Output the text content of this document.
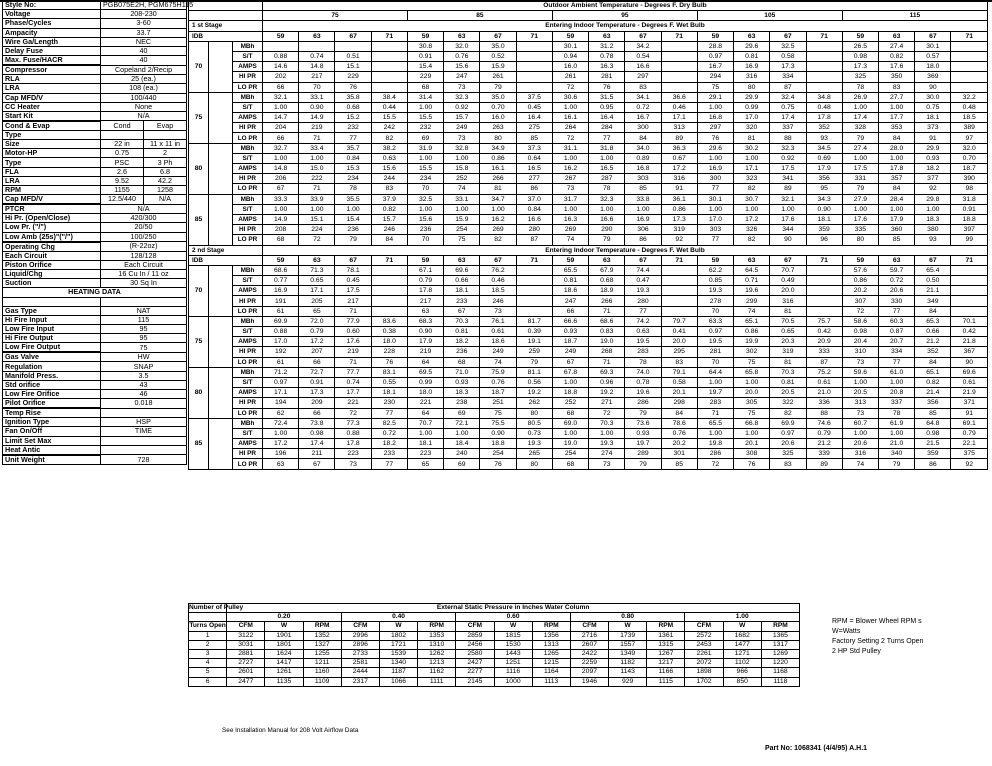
Style No:	PGB075E2H, PGM675H115	
Voltage	208-230	
Phase/Cycles	3-60	
Ampacity	33.7	
Wire Ga/Length	NEC	
Delay Fuse	40	
Max. Fuse/HACR	40	
Compressor	Copeland 2/Recip	
RLA	25 (ea.)	
LRA	108 (ea.)	
Cap MFD/V	100/440	
CC Heater	None	
Start Kit	N/A	
Cond & Evap	Cond	Evap
Type		
Size	22 in	11 x 11 in
Motor-HP	0.75	2
Type	PSC	3 Ph
FLA	2.6	6.8
LRA	9.52	42.2
RPM	1155	1258
Cap MFD/V	12.5/440	N/A
PTCR	N/A	
Hi Pr. (Open/Close)	420/300	
Low Pr. ("/")	20/50	
Low Amb (25s)"("/")	100/250	
Operating Chg	(R-22oz)	
Each Circuit	128/128	
Piston Orifice	Each Circuit	
Liquid/Chg	16 Cu In / 11 oz	
Suction	30 Sq In	
HEATING DATA		

Gas Type	NAT	
Hi Fire Input	115	
Low Fire Input	95	
Hi Fire Output	95	
Low Fire Output	75	
Gas Valve	HW	
Regulation	SNAP	
Manifold Press.	3.5	
Std orifice	43	
Low Fire Orifice	46	
Pilot Orifice	0.018	
Temp Rise		
Ignition Type	HSP	
Fan On/Off	TIME	
Limit Set Max		
Heat Antic		
Unit Weight	728	
			Outdoor Ambient Temperature - Degrees F. Dry Bulb																			
			75				85				95				105				115			
1 st Stage			Entering Indoor Temperature - Degrees F. Wet Bulb																			
IDB			59	63	67	71	59	63	67	71	59	63	67	71	59	63	67	71	59	63	67	71
70		MBh					30.8	32.0	35.0		30.1	31.2	34.2		28.8	29.6	32.5		26.5	27.4	30.1	
		S/T	0.88	0.74	0.51		0.91	0.76	0.52		0.94	0.78	0.54		0.97	0.81	0.58		0.98	0.82	0.57	
		AMPS	14.6	14.8	15.1		15.4	15.6	15.9		16.0	16.3	16.6		16.7	16.9	17.3		17.3	17.6	18.0	
		HI PR	202	217	229		229	247	261		261	281	297		294	316	334		325	350	369	
		LO PR	66	70	76		68	73	79		72	76	83		75	80	87		78	83	90	
75		MBh	32.1	33.1	35.8	38.4	31.4	32.3	35.0	37.5	30.6	31.5	34.1	36.6	29.1	29.9	32.4	34.8	26.9	27.7	30.0	32.2
		S/T	1.00	0.90	0.68	0.44	1.00	0.92	0.70	0.45	1.00	0.95	0.72	0.46	1.00	0.99	0.75	0.48	1.00	1.00	0.75	0.48
		AMPS	14.7	14.9	15.2	15.5	15.5	15.7	16.0	16.4	16.1	16.4	16.7	17.1	16.8	17.0	17.4	17.8	17.4	17.7	18.1	18.5
		HI PR	204	219	232	242	232	249	263	275	264	284	300	313	297	320	337	352	328	353	373	389
		LO PR	66	71	77	82	69	73	80	85	72	77	84	89	76	81	88	93	79	84	91	97
80		MBh	32.7	33.4	35.7	38.2	31.9	32.8	34.9	37.3	31.1	31.8	34.0	36.3	29.6	30.2	32.3	34.5	27.4	28.0	29.9	32.0
		S/T	1.00	1.00	0.84	0.63	1.00	1.00	0.86	0.64	1.00	1.00	0.89	0.67	1.00	1.00	0.92	0.69	1.00	1.00	0.93	0.70
		AMPS	14.8	15.0	15.3	15.6	15.5	15.8	16.1	16.5	16.2	16.5	16.8	17.2	16.9	17.1	17.5	17.9	17.5	17.8	18.2	18.7
		HI PR	206	222	234	244	234	252	266	277	267	287	303	316	300	323	341	356	331	357	377	390
		LO PR	67	71	78	83	70	74	81	86	73	78	85	91	77	82	89	95	79	84	92	98
85		MBh	33.3	33.9	35.5	37.9	32.5	33.1	34.7	37.0	31.7	32.3	33.8	36.1	30.1	30.7	32.1	34.3	27.9	28.4	29.8	31.8
		S/T	1.00	1.00	1.00	0.82	1.00	1.00	1.00	0.84	1.00	1.00	1.00	0.86	1.00	1.00	1.00	0.90	1.00	1.00	1.00	0.91
		AMPS	14.9	15.1	15.4	15.7	15.6	15.9	16.2	16.6	16.3	16.6	16.9	17.3	17.0	17.2	17.6	18.1	17.6	17.9	18.3	18.8
		HI PR	208	224	236	246	236	254	269	280	269	290	306	319	303	326	344	359	335	360	380	397
		LO PR	68	72	79	84	70	75	82	87	74	79	86	92	77	82	90	96	80	85	93	99
2 nd Stage			Entering Indoor Temperature - Degrees F. Wet Bulb																			
IDB			59	63	67	71	59	63	67	71	59	63	67	71	59	63	67	71	59	63	67	71
70		MBh	68.6	71.3	78.1		67.1	69.6	76.2		65.5	67.9	74.4		62.2	64.5	70.7		57.6	59.7	65.4	
		S/T	0.77	0.65	0.45		0.79	0.66	0.46		0.81	0.68	0.47		0.85	0.71	0.49		0.86	0.72	0.50	
		AMPS	16.9	17.1	17.5		17.8	18.1	18.5		18.6	18.9	19.3		19.3	19.6	20.0		20.2	20.6	21.1	
		HI PR	191	205	217		217	233	246		247	266	280		278	299	316		307	330	349	
		LO PR	61	65	71		63	67	73		66	71	77		70	74	81		72	77	84	
75		MBh	69.9	72.0	77.9	83.6	68.3	70.3	76.1	81.7	66.6	68.6	74.2	79.7	63.3	65.1	70.5	75.7	58.6	60.3	65.3	70.1
		S/T	0.88	0.79	0.60	0.38	0.90	0.81	0.61	0.39	0.93	0.83	0.63	0.41	0.97	0.86	0.65	0.42	0.98	0.87	0.66	0.42
		AMPS	17.0	17.2	17.6	18.0	17.9	18.2	18.6	19.1	18.7	19.0	19.5	20.0	19.5	19.9	20.3	20.9	20.4	20.7	21.2	21.8
		HI PR	192	207	219	228	219	236	249	259	249	268	283	295	281	302	319	333	310	334	352	367
		LO PR	61	66	71	76	64	68	74	79	67	71	78	83	70	75	81	87	73	77	84	90
80		MBh	71.2	72.7	77.7	83.1	69.5	71.0	75.9	81.1	67.8	69.3	74.0	79.1	64.4	65.8	70.3	75.2	59.6	61.0	65.1	69.6
		S/T	0.97	0.91	0.74	0.55	0.99	0.93	0.76	0.56	1.00	0.96	0.78	0.58	1.00	1.00	0.81	0.61	1.00	1.00	0.82	0.61
		AMPS	17.1	17.3	17.7	18.1	18.0	18.3	18.7	19.2	18.8	19.2	19.6	20.1	19.7	20.0	20.5	21.0	20.5	20.8	21.4	21.9
		HI PR	194	209	221	230	221	238	251	262	252	271	286	298	283	305	322	336	313	337	356	371
		LO PR	62	66	72	77	64	69	75	80	68	72	79	84	71	75	82	88	73	78	85	91
85		MBh	72.4	73.8	77.3	82.5	70.7	72.1	75.5	80.5	69.0	70.3	73.6	78.6	65.5	66.8	69.9	74.6	60.7	61.9	64.8	69.1
		S/T	1.00	0.98	0.88	0.72	1.00	1.00	0.90	0.73	1.00	1.00	0.93	0.76	1.00	1.00	0.97	0.79	1.00	1.00	0.98	0.79
		AMPS	17.2	17.4	17.8	18.2	18.1	18.4	18.8	19.3	19.0	19.3	19.7	20.2	19.8	20.1	20.6	21.2	20.6	21.0	21.5	22.1
		HI PR	196	211	223	233	223	240	254	265	254	274	289	301	286	308	325	339	316	340	359	375
		LO PR	63	67	73	77	65	69	76	80	68	73	79	85	72	76	83	89	74	79	86	92
Number of Pulley	External Static Pressure in Inches Water Column														
	0.20			0.40			0.60			0.80			1.00		
Turns Open	CFM	W	RPM	CFM	W	RPM	CFM	W	RPM	CFM	W	RPM	CFM	W	RPM
1	3122	1901	1352	2996	1802	1353	2859	1815	1356	2716	1739	1361	2572	1682	1365
2	3031	1801	1327	2896	1721	1310	2456	1530	1313	2607	1557	1315	2453	1477	1317
3	2881	1624	1255	2733	1539	1262	2580	1443	1265	2422	1349	1267	2261	1271	1269
4	2727	1417	1211	2581	1340	1213	2427	1251	1215	2259	1182	1217	2072	1102	1220
5	2601	1261	1160	2444	1187	1162	2277	1116	1164	2097	1143	1166	1898	966	1168
6	2477	1135	1109	2317	1066	1111	2145	1000	1113	1946	929	1115	1702	850	1118
RPM = Blower Wheel RPM s
W=Watts
Factory Setting 2 Turns Open
2 HP Std Pulley
See Installation Manual for 208 Volt Airflow Data
Part No: 1068341 (4/4/95) A.H.1
